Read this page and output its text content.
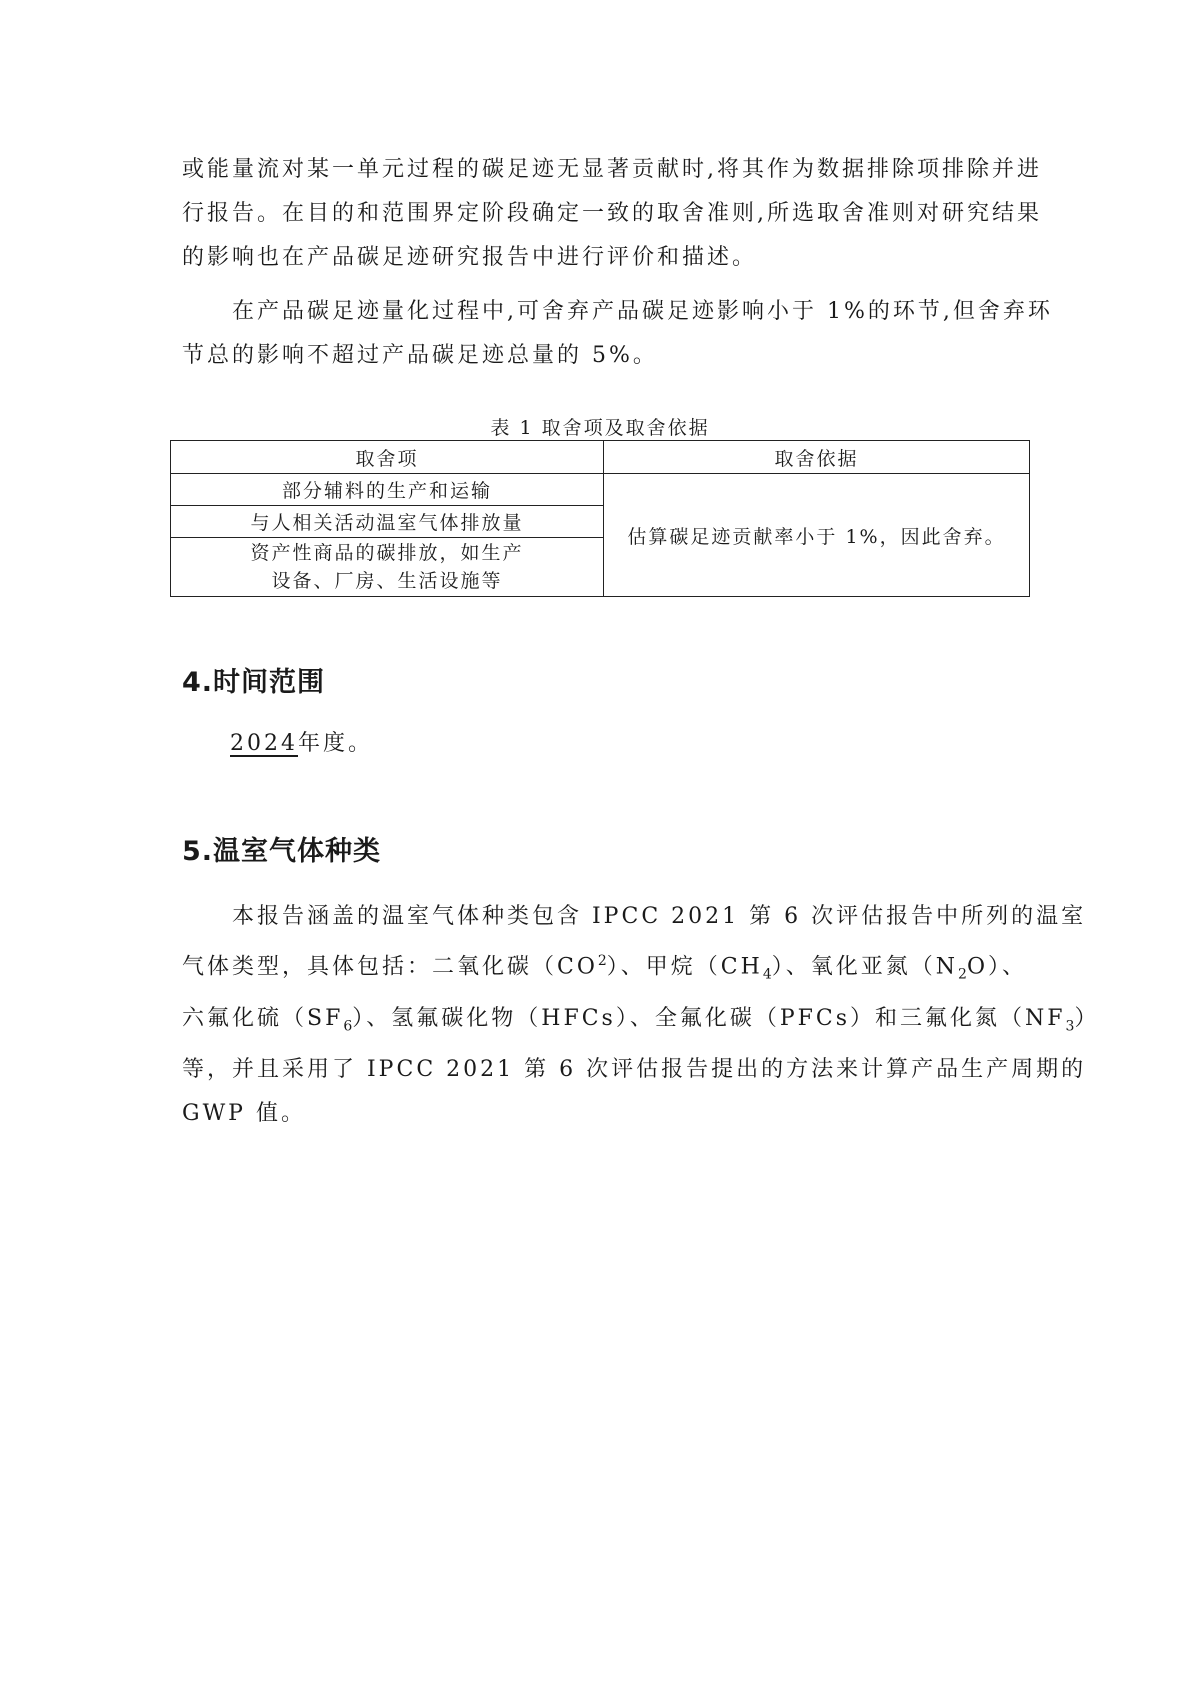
或能量流对某一单元过程的碳足迹无显著贡献时,将其作为数据排除项排除并进
行报告。在目的和范围界定阶段确定一致的取舍准则,所选取舍准则对研究结果
的影响也在产品碳足迹研究报告中进行评价和描述。
在产品碳足迹量化过程中,可舍弃产品碳足迹影响小于 1%的环节,但舍弃环
节总的影响不超过产品碳足迹总量的 5%。
表 1 取舍项及取舍依据
取舍项	取舍依据
部分辅料的生产和运输	估算碳足迹贡献率小于 1%，因此舍弃。
与人相关活动温室气体排放量	
资产性商品的碳排放，如生产
设备、厂房、生活设施等	
4.时间范围
2024年度。
5.温室气体种类
本报告涵盖的温室气体种类包含 IPCC 2021 第 6 次评估报告中所列的温室
气体类型，具体包括：二氧化碳$(CO^2)$、甲烷$(CH_4)$、氧化亚氮$(N_2O)$、
六氟化硫$(SF_6)$、氢氟碳化物（HFCs）、全氟化碳（PFCs）和三氟化氮$(NF_3)$
等，并且采用了 IPCC 2021 第 6 次评估报告提出的方法来计算产品生产周期的
GWP 值。
